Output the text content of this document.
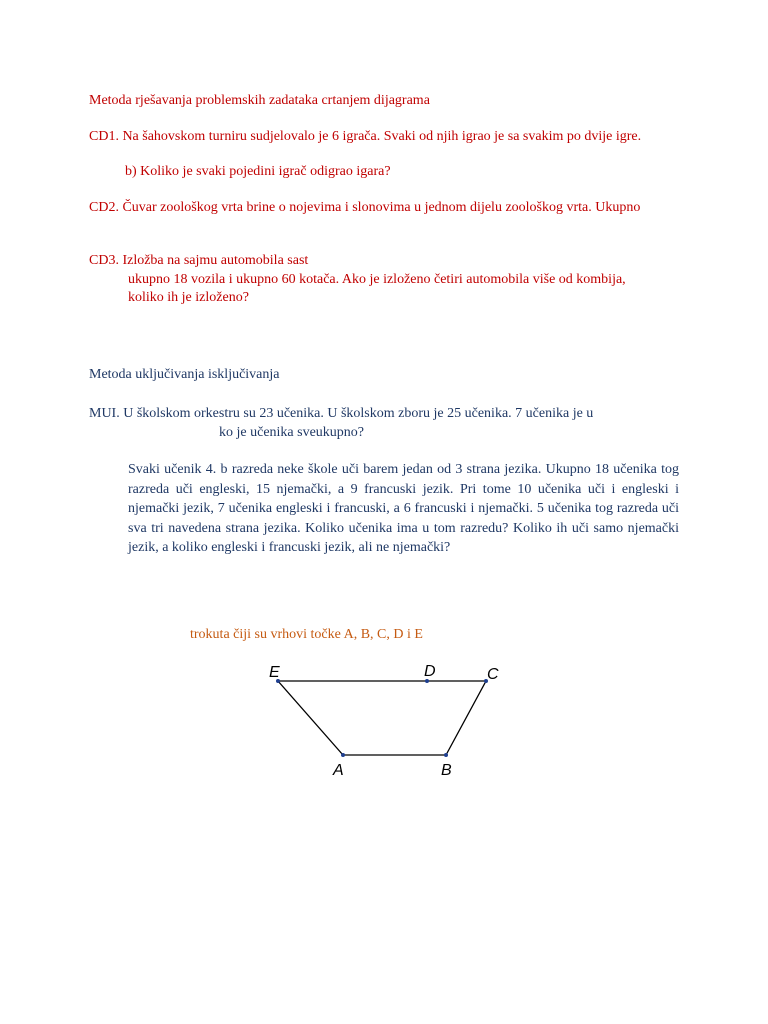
Metoda rješavanja problemskih zadataka crtanjem dijagrama
CD1. Na šahovskom turniru sudjelovalo je 6 igrača. Svaki od njih igrao je sa svakim po dvije igre.
b) Koliko je svaki pojedini igrač odigrao igara?
CD2. Čuvar zoološkog vrta brine o nojevima i slonovima u jednom dijelu zoološkog vrta. Ukupno
CD3. Izložba na sajmu automobila sast
ukupno 18 vozila i ukupno 60 kotača. Ako je izloženo četiri automobila više od kombija,
koliko ih je izloženo?
Metoda uključivanja isključivanja
MUI. U školskom orkestru su 23 učenika. U školskom zboru je 25 učenika. 7 učenika je u
ko je učenika sveukupno?
Svaki učenik 4. b razreda neke škole uči barem jedan od 3 strana jezika. Ukupno 18 učenika tog razreda uči engleski, 15 njemački, a 9 francuski jezik. Pri tome 10 učenika uči i engleski i njemački jezik, 7 učenika engleski i francuski, a 6 francuski i njemački. 5 učenika tog razreda uči sva tri navedena strana jezika. Koliko učenika ima u tom razredu? Koliko ih uči samo njemački jezik, a koliko engleski i francuski jezik, ali ne njemački?
trokuta čiji su vrhovi točke A, B, C, D i E
E	D	C
A	B
